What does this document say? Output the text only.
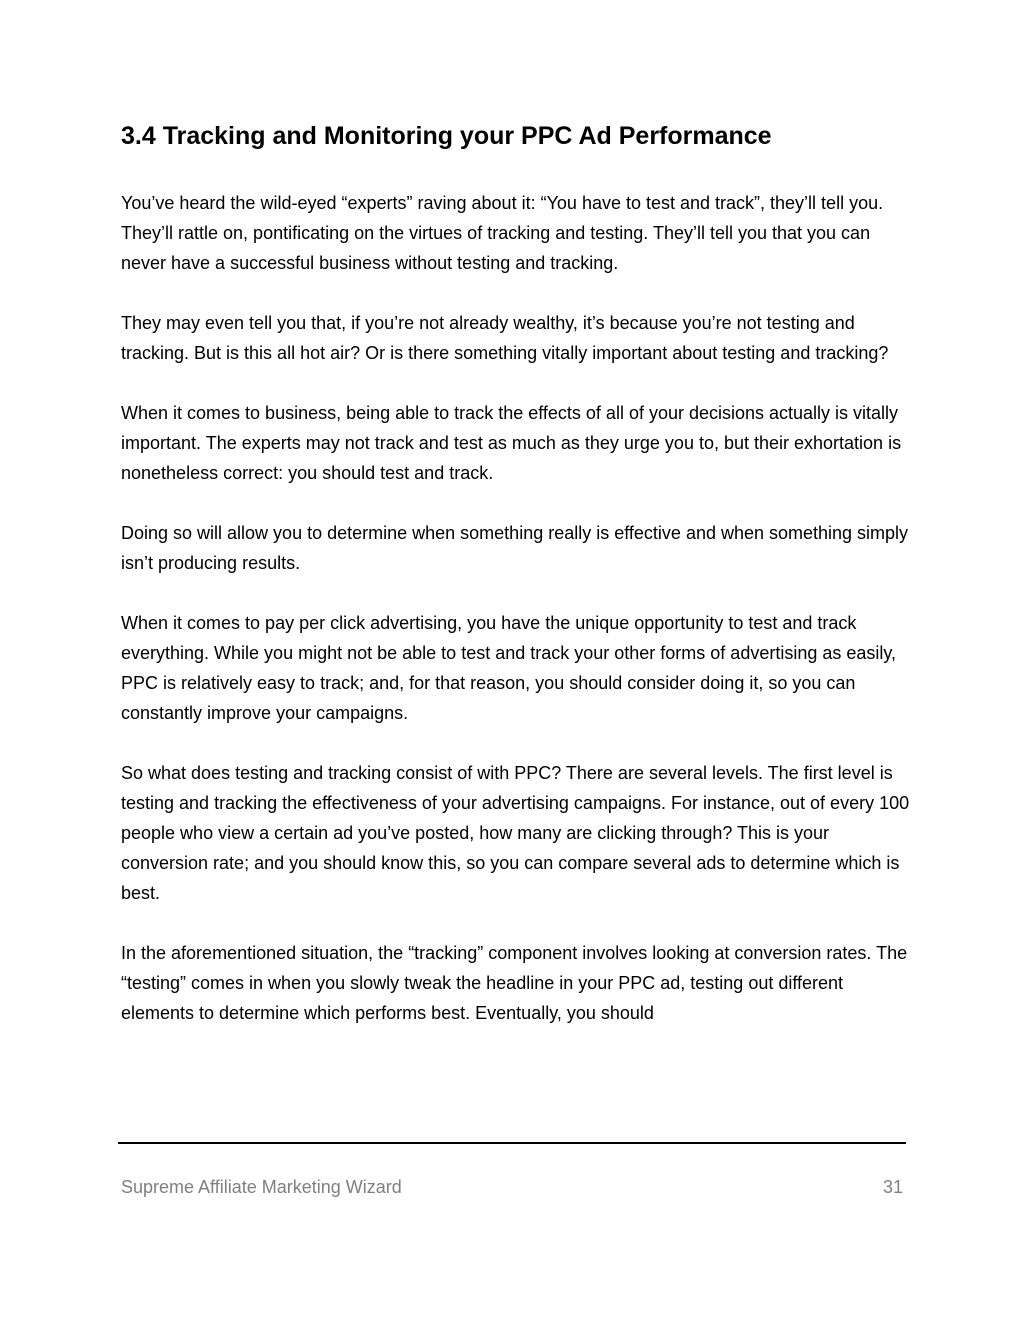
3.4 Tracking and Monitoring your PPC Ad Performance

You’ve heard the wild-eyed “experts” raving about it: “You have to test and track”, they’ll tell you. They’ll rattle on, pontificating on the virtues of tracking and testing. They’ll tell you that you can never have a successful business without testing and tracking.

They may even tell you that, if you’re not already wealthy, it’s because you’re not testing and tracking. But is this all hot air? Or is there something vitally important about testing and tracking?

When it comes to business, being able to track the effects of all of your decisions actually is vitally important. The experts may not track and test as much as they urge you to, but their exhortation is nonetheless correct: you should test and track.

Doing so will allow you to determine when something really is effective and when something simply isn’t producing results.

When it comes to pay per click advertising, you have the unique opportunity to test and track everything. While you might not be able to test and track your other forms of advertising as easily, PPC is relatively easy to track; and, for that reason, you should consider doing it, so you can constantly improve your campaigns.

So what does testing and tracking consist of with PPC? There are several levels. The first level is testing and tracking the effectiveness of your advertising campaigns. For instance, out of every 100 people who view a certain ad you’ve posted, how many are clicking through? This is your conversion rate; and you should know this, so you can compare several ads to determine which is best.

In the aforementioned situation, the “tracking” component involves looking at conversion rates. The “testing” comes in when you slowly tweak the headline in your PPC ad, testing out different elements to determine which performs best. Eventually, you should

Supreme Affiliate Marketing Wizard	31
